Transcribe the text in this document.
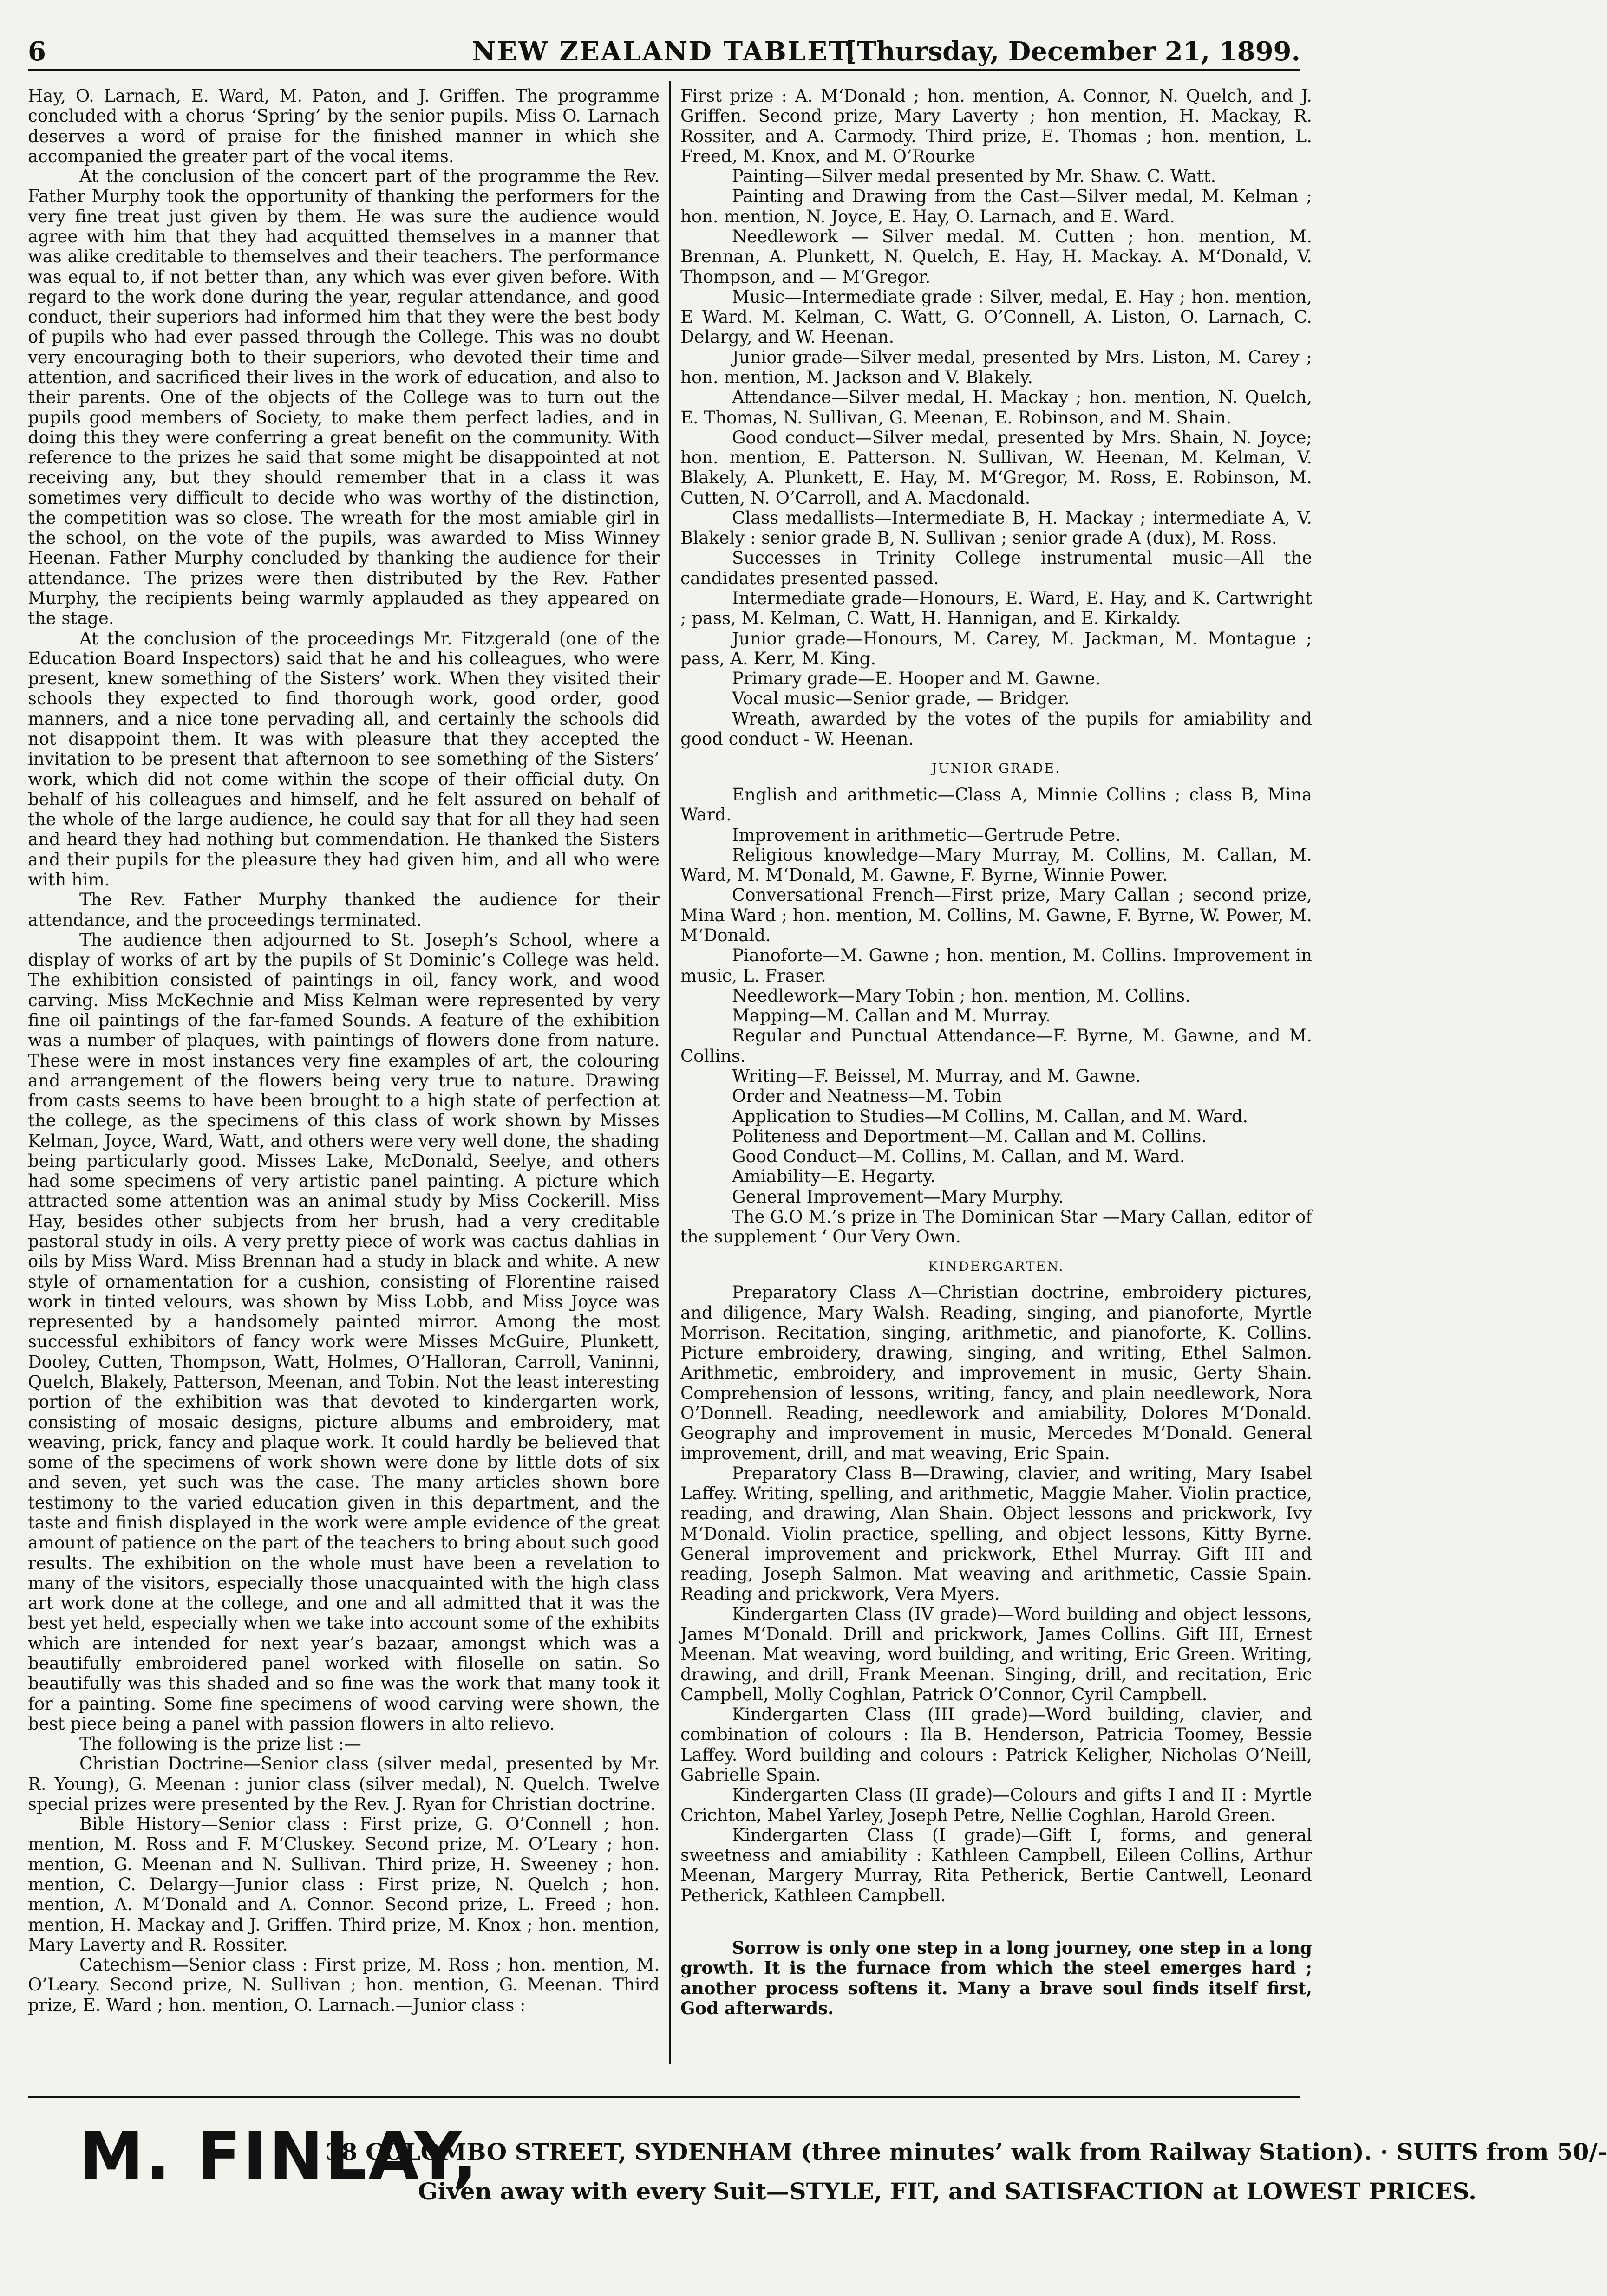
6	NEW ZEALAND TABLET.
[Thursday, December 21, 1899.

Hay, O. Larnach, E. Ward, M. Paton, and J. Griffen. The programme concluded with a chorus ‘Spring’ by the senior pupils. Miss O. Larnach deserves a word of praise for the finished manner in which she accompanied the greater part of the vocal items.

At the conclusion of the concert part of the programme the Rev. Father Murphy took the opportunity of thanking the performers for the very fine treat just given by them. He was sure the audience would agree with him that they had acquitted themselves in a manner that was alike creditable to themselves and their teachers. The performance was equal to, if not better than, any which was ever given before. With regard to the work done during the year, regular attendance, and good conduct, their superiors had informed him that they were the best body of pupils who had ever passed through the College. This was no doubt very encouraging both to their superiors, who devoted their time and attention, and sacrificed their lives in the work of education, and also to their parents. One of the objects of the College was to turn out the pupils good members of Society, to make them perfect ladies, and in doing this they were conferring a great benefit on the community. With reference to the prizes he said that some might be disappointed at not receiving any, but they should remember that in a class it was sometimes very difficult to decide who was worthy of the distinction, the competition was so close. The wreath for the most amiable girl in the school, on the vote of the pupils, was awarded to Miss Winney Heenan. Father Murphy concluded by thanking the audience for their attendance. The prizes were then distributed by the Rev. Father Murphy, the recipients being warmly applauded as they appeared on the stage.

At the conclusion of the proceedings Mr. Fitzgerald (one of the Education Board Inspectors) said that he and his colleagues, who were present, knew something of the Sisters’ work. When they visited their schools they expected to find thorough work, good order, good manners, and a nice tone pervading all, and certainly the schools did not disappoint them. It was with pleasure that they accepted the invitation to be present that afternoon to see something of the Sisters’ work, which did not come within the scope of their official duty. On behalf of his colleagues and himself, and he felt assured on behalf of the whole of the large audience, he could say that for all they had seen and heard they had nothing but commendation. He thanked the Sisters and their pupils for the pleasure they had given him, and all who were with him.

The Rev. Father Murphy thanked the audience for their attendance, and the proceedings terminated.

The audience then adjourned to St. Joseph’s School, where a display of works of art by the pupils of St Dominic’s College was held. The exhibition consisted of paintings in oil, fancy work, and wood carving. Miss McKechnie and Miss Kelman were represented by very fine oil paintings of the far-famed Sounds. A feature of the exhibition was a number of plaques, with paintings of flowers done from nature. These were in most instances very fine examples of art, the colouring and arrangement of the flowers being very true to nature. Drawing from casts seems to have been brought to a high state of perfection at the college, as the specimens of this class of work shown by Misses Kelman, Joyce, Ward, Watt, and others were very well done, the shading being particularly good. Misses Lake, McDonald, Seelye, and others had some specimens of very artistic panel painting. A picture which attracted some attention was an animal study by Miss Cockerill. Miss Hay, besides other subjects from her brush, had a very creditable pastoral study in oils. A very pretty piece of work was cactus dahlias in oils by Miss Ward. Miss Brennan had a study in black and white. A new style of ornamentation for a cushion, consisting of Florentine raised work in tinted velours, was shown by Miss Lobb, and Miss Joyce was represented by a handsomely painted mirror. Among the most successful exhibitors of fancy work were Misses McGuire, Plunkett, Dooley, Cutten, Thompson, Watt, Holmes, O’Halloran, Carroll, Vaninni, Quelch, Blakely, Patterson, Meenan, and Tobin. Not the least interesting portion of the exhibition was that devoted to kindergarten work, consisting of mosaic designs, picture albums and embroidery, mat weaving, prick, fancy and plaque work. It could hardly be believed that some of the specimens of work shown were done by little dots of six and seven, yet such was the case. The many articles shown bore testimony to the varied education given in this department, and the taste and finish displayed in the work were ample evidence of the great amount of patience on the part of the teachers to bring about such good results. The exhibition on the whole must have been a revelation to many of the visitors, especially those unacquainted with the high class art work done at the college, and one and all admitted that it was the best yet held, especially when we take into account some of the exhibits which are intended for next year’s bazaar, amongst which was a beautifully embroidered panel worked with filoselle on satin. So beautifully was this shaded and so fine was the work that many took it for a painting. Some fine specimens of wood carving were shown, the best piece being a panel with passion flowers in alto relievo.

The following is the prize list :—

Christian Doctrine—Senior class (silver medal, presented by Mr. R. Young), G. Meenan : junior class (silver medal), N. Quelch. Twelve special prizes were presented by the Rev. J. Ryan for Christian doctrine.

Bible History—Senior class : First prize, G. O’Connell ; hon. mention, M. Ross and F. M‘Cluskey. Second prize, M. O’Leary ; hon. mention, G. Meenan and N. Sullivan. Third prize, H. Sweeney ; hon. mention, C. Delargy—Junior class : First prize, N. Quelch ; hon. mention, A. M‘Donald and A. Connor. Second prize, L. Freed ; hon. mention, H. Mackay and J. Griffen. Third prize, M. Knox ; hon. mention, Mary Laverty and R. Rossiter.

Catechism—Senior class : First prize, M. Ross ; hon. mention, M. O’Leary. Second prize, N. Sullivan ; hon. mention, G. Meenan. Third prize, E. Ward ; hon. mention, O. Larnach.—Junior class :

First prize : A. M‘Donald ; hon. mention, A. Connor, N. Quelch, and J. Griffen. Second prize, Mary Laverty ; hon mention, H. Mackay, R. Rossiter, and A. Carmody. Third prize, E. Thomas ; hon. mention, L. Freed, M. Knox, and M. O’Rourke

Painting—Silver medal presented by Mr. Shaw. C. Watt.

Painting and Drawing from the Cast—Silver medal, M. Kelman ; hon. mention, N. Joyce, E. Hay, O. Larnach, and E. Ward.

Needlework — Silver medal. M. Cutten ; hon. mention, M. Brennan, A. Plunkett, N. Quelch, E. Hay, H. Mackay. A. M‘Donald, V. Thompson, and — M‘Gregor.

Music—Intermediate grade : Silver, medal, E. Hay ; hon. mention, E Ward. M. Kelman, C. Watt, G. O’Connell, A. Liston, O. Larnach, C. Delargy, and W. Heenan.

Junior grade—Silver medal, presented by Mrs. Liston, M. Carey ; hon. mention, M. Jackson and V. Blakely.

Attendance—Silver medal, H. Mackay ; hon. mention, N. Quelch, E. Thomas, N. Sullivan, G. Meenan, E. Robinson, and M. Shain.

Good conduct—Silver medal, presented by Mrs. Shain, N. Joyce; hon. mention, E. Patterson. N. Sullivan, W. Heenan, M. Kelman, V. Blakely, A. Plunkett, E. Hay, M. M‘Gregor, M. Ross, E. Robinson, M. Cutten, N. O’Carroll, and A. Macdonald.

Class medallists—Intermediate B, H. Mackay ; intermediate A, V. Blakely : senior grade B, N. Sullivan ; senior grade A (dux), M. Ross.

Successes in Trinity College instrumental music—All the candidates presented passed.

Intermediate grade—Honours, E. Ward, E. Hay, and K. Cartwright ; pass, M. Kelman, C. Watt, H. Hannigan, and E. Kirkaldy.

Junior grade—Honours, M. Carey, M. Jackman, M. Montague ; pass, A. Kerr, M. King.

Primary grade—E. Hooper and M. Gawne.

Vocal music—Senior grade, — Bridger.

Wreath, awarded by the votes of the pupils for amiability and good conduct - W. Heenan.

JUNIOR GRADE.

English and arithmetic—Class A, Minnie Collins ; class B, Mina Ward.

Improvement in arithmetic—Gertrude Petre.

Religious knowledge—Mary Murray, M. Collins, M. Callan, M. Ward, M. M‘Donald, M. Gawne, F. Byrne, Winnie Power.

Conversational French—First prize, Mary Callan ; second prize, Mina Ward ; hon. mention, M. Collins, M. Gawne, F. Byrne, W. Power, M. M‘Donald.

Pianoforte—M. Gawne ; hon. mention, M. Collins. Improvement in music, L. Fraser.

Needlework—Mary Tobin ; hon. mention, M. Collins.

Mapping—M. Callan and M. Murray.

Regular and Punctual Attendance—F. Byrne, M. Gawne, and M. Collins.

Writing—F. Beissel, M. Murray, and M. Gawne.

Order and Neatness—M. Tobin

Application to Studies—M Collins, M. Callan, and M. Ward.

Politeness and Deportment—M. Callan and M. Collins.

Good Conduct—M. Collins, M. Callan, and M. Ward.

Amiability—E. Hegarty.

General Improvement—Mary Murphy.

The G.O M.’s prize in The Dominican Star —Mary Callan, editor of the supplement ‘ Our Very Own.

KINDERGARTEN.

Preparatory Class A—Christian doctrine, embroidery pictures, and diligence, Mary Walsh. Reading, singing, and pianoforte, Myrtle Morrison. Recitation, singing, arithmetic, and pianoforte, K. Collins. Picture embroidery, drawing, singing, and writing, Ethel Salmon. Arithmetic, embroidery, and improvement in music, Gerty Shain. Comprehension of lessons, writing, fancy, and plain needlework, Nora O’Donnell. Reading, needlework and amiability, Dolores M‘Donald. Geography and improvement in music, Mercedes M‘Donald. General improvement, drill, and mat weaving, Eric Spain.

Preparatory Class B—Drawing, clavier, and writing, Mary Isabel Laffey. Writing, spelling, and arithmetic, Maggie Maher. Violin practice, reading, and drawing, Alan Shain. Object lessons and prickwork, Ivy M‘Donald. Violin practice, spelling, and object lessons, Kitty Byrne. General improvement and prickwork, Ethel Murray. Gift III and reading, Joseph Salmon. Mat weaving and arithmetic, Cassie Spain. Reading and prickwork, Vera Myers.

Kindergarten Class (IV grade)—Word building and object lessons, James M‘Donald. Drill and prickwork, James Collins. Gift III, Ernest Meenan. Mat weaving, word building, and writing, Eric Green. Writing, drawing, and drill, Frank Meenan. Singing, drill, and recitation, Eric Campbell, Molly Coghlan, Patrick O’Connor, Cyril Campbell.

Kindergarten Class (III grade)—Word building, clavier, and combination of colours : Ila B. Henderson, Patricia Toomey, Bessie Laffey. Word building and colours : Patrick Keligher, Nicholas O’Neill, Gabrielle Spain.

Kindergarten Class (II grade)—Colours and gifts I and II : Myrtle Crichton, Mabel Yarley, Joseph Petre, Nellie Coghlan, Harold Green.

Kindergarten Class (I grade)—Gift I, forms, and general sweetness and amiability : Kathleen Campbell, Eileen Collins, Arthur Meenan, Margery Murray, Rita Petherick, Bertie Cantwell, Leonard Petherick, Kathleen Campbell.

Sorrow is only one step in a long journey, one step in a long growth. It is the furnace from which the steel emerges hard ; another process softens it. Many a brave soul finds itself first, God afterwards.

M. FINLAY,
38 COLOMBO STREET, SYDENHAM (three minutes’ walk from Railway Station). · SUITS from 50/-
Given away with every Suit—STYLE, FIT, and SATISFACTION at LOWEST PRICES.
